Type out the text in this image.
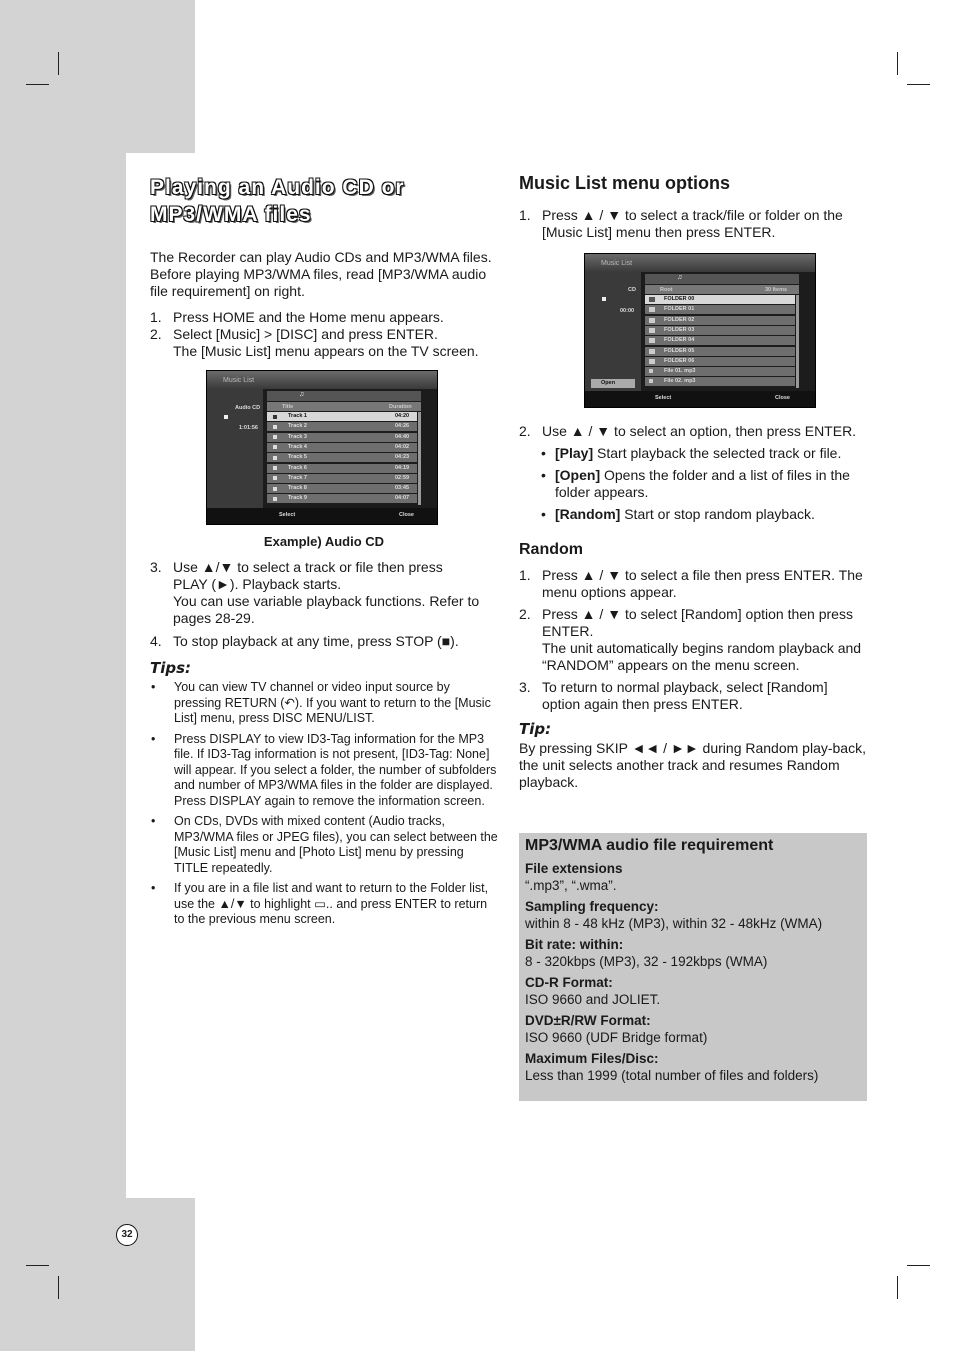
Playing an Audio CD or MP3/WMA files

The Recorder can play Audio CDs and MP3/WMA files. Before playing MP3/WMA files, read [MP3/WMA audio file requirement] on right.

1. Press HOME and the Home menu appears.
2. Select [Music] > [DISC] and press ENTER.
The [Music List] menu appears on the TV screen.
Music List
Audio CD
1:01:56
♫
Title	Duration
Track 1	04:20
Track 2	04:26
Track 3	04:40
Track 4	04:02
Track 5	04:23
Track 6	04:19
Track 7	02:59
Track 8	03:45
Track 9	04:07
Select	Close

Example) Audio CD

3. Use ▲/▼ to select a track or file then press
PLAY (►). Playback starts.
You can use variable playback functions. Refer to pages 28-29.
4. To stop playback at any time, press STOP (■).

Tips:

•	You can view TV channel or video input source by pressing RETURN (↶). If you want to return to the [Music List] menu, press DISC MENU/LIST.
•	Press DISPLAY to view ID3-Tag information for the MP3 file. If ID3-Tag information is not present, [ID3-Tag: None] will appear. If you select a folder, the number of subfolders and number of MP3/WMA files in the folder are displayed. Press DISPLAY again to remove the information screen.
•	On CDs, DVDs with mixed content (Audio tracks, MP3/WMA files or JPEG files), you can select between the [Music List] menu and [Photo List] menu by pressing TITLE repeatedly.
•	If you are in a file list and want to return to the Folder list, use the ▲/▼ to highlight ▭.. and press ENTER to return to the previous menu screen.
Music List menu options
1. Press ▲ / ▼ to select a track/file or folder on the [Music List] menu then press ENTER.
Music List
CD
00:00
Open
♫
Root	30 Items
FOLDER 00
FOLDER 01
FOLDER 02
FOLDER 03
FOLDER 04
FOLDER 05
FOLDER 06
File 01. mp3
File 02. mp3
Select	Close
2. Use ▲ / ▼ to select an option, then press ENTER.
• [Play] Start playback the selected track or file.
• [Open] Opens the folder and a list of files in the folder appears.
• [Random] Start or stop random playback.
Random
1. Press ▲ / ▼ to select a file then press ENTER. The menu options appear.
2. Press ▲ / ▼ to select [Random] option then press ENTER.
The unit automatically begins random playback and “RANDOM” appears on the menu screen.
3. To return to normal playback, select [Random] option again then press ENTER.

Tip:

By pressing SKIP ◄◄ / ►► during Random play-back, the unit selects another track and resumes Random playback.

MP3/WMA audio file requirement
File extensions
“.mp3”, “.wma”.
Sampling frequency:
within 8 - 48 kHz (MP3), within 32 - 48kHz (WMA)
Bit rate: within:
8 - 320kbps (MP3), 32 - 192kbps (WMA)
CD-R Format:
ISO 9660 and JOLIET.
DVD±R/RW Format:
ISO 9660 (UDF Bridge format)
Maximum Files/Disc:
Less than 1999 (total number of files and folders)
32
